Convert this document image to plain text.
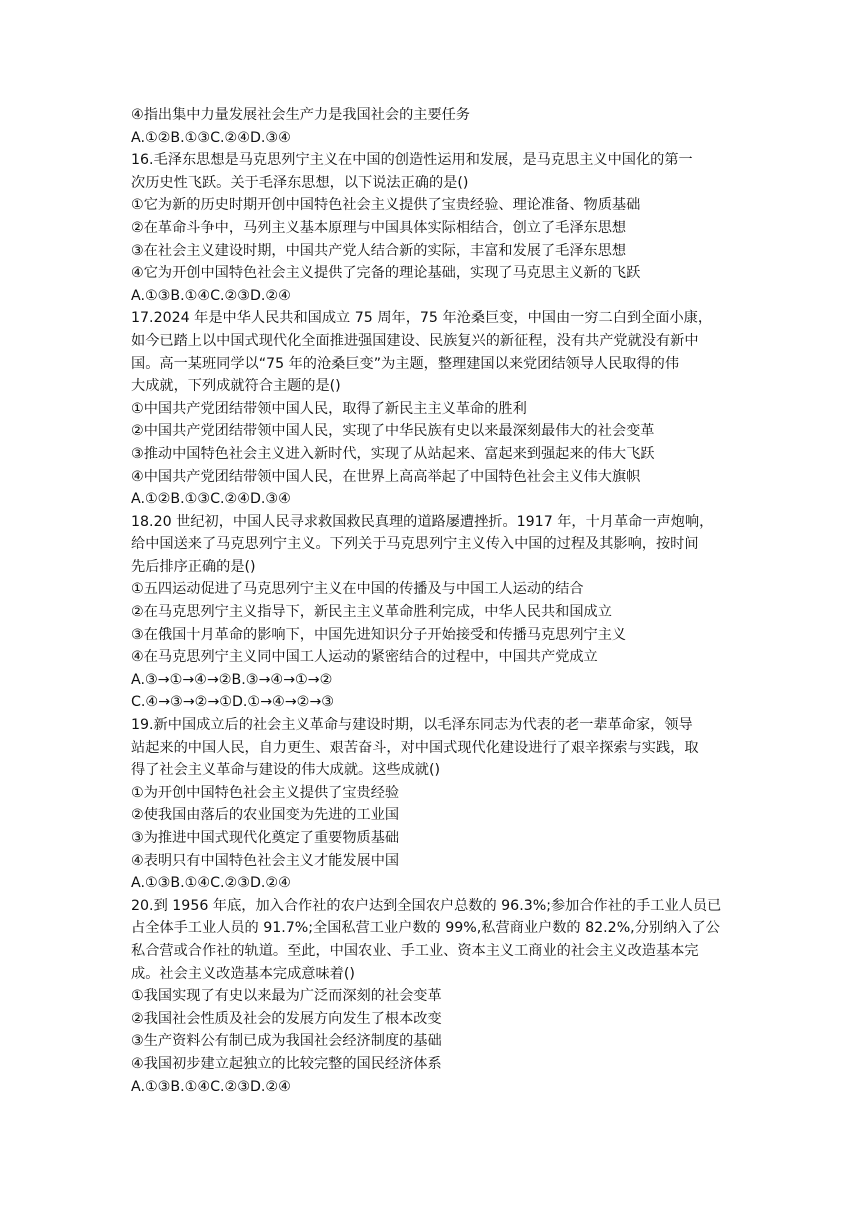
④指出集中力量发展社会生产力是我国社会的主要任务
A.①②B.①③C.②④D.③④
16.毛泽东思想是马克思列宁主义在中国的创造性运用和发展，是马克思主义中国化的第一
次历史性飞跃。关于毛泽东思想，以下说法正确的是()
①它为新的历史时期开创中国特色社会主义提供了宝贵经验、理论准备、物质基础
②在革命斗争中，马列主义基本原理与中国具体实际相结合，创立了毛泽东思想
③在社会主义建设时期，中国共产党人结合新的实际，丰富和发展了毛泽东思想
④它为开创中国特色社会主义提供了完备的理论基础，实现了马克思主义新的飞跃
A.①③B.①④C.②③D.②④
17.2024 年是中华人民共和国成立 75 周年，75 年沧桑巨变，中国由一穷二白到全面小康，
如今已踏上以中国式现代化全面推进强国建设、民族复兴的新征程，没有共产党就没有新中
国。高一某班同学以“75 年的沧桑巨变”为主题，整理建国以来党团结领导人民取得的伟
大成就，下列成就符合主题的是()
①中国共产党团结带领中国人民，取得了新民主主义革命的胜利
②中国共产党团结带领中国人民，实现了中华民族有史以来最深刻最伟大的社会变革
③推动中国特色社会主义进入新时代，实现了从站起来、富起来到强起来的伟大飞跃
④中国共产党团结带领中国人民，在世界上高高举起了中国特色社会主义伟大旗帜
A.①②B.①③C.②④D.③④
18.20 世纪初，中国人民寻求救国救民真理的道路屡遭挫折。1917 年，十月革命一声炮响，
给中国送来了马克思列宁主义。下列关于马克思列宁主义传入中国的过程及其影响，按时间
先后排序正确的是()
①五四运动促进了马克思列宁主义在中国的传播及与中国工人运动的结合
②在马克思列宁主义指导下，新民主主义革命胜利完成，中华人民共和国成立
③在俄国十月革命的影响下，中国先进知识分子开始接受和传播马克思列宁主义
④在马克思列宁主义同中国工人运动的紧密结合的过程中，中国共产党成立
A.③→①→④→②B.③→④→①→②
C.④→③→②→①D.①→④→②→③
19.新中国成立后的社会主义革命与建设时期，以毛泽东同志为代表的老一辈革命家，领导
站起来的中国人民，自力更生、艰苦奋斗，对中国式现代化建设进行了艰辛探索与实践，取
得了社会主义革命与建设的伟大成就。这些成就()
①为开创中国特色社会主义提供了宝贵经验
②使我国由落后的农业国变为先进的工业国
③为推进中国式现代化奠定了重要物质基础
④表明只有中国特色社会主义才能发展中国
A.①③B.①④C.②③D.②④
20.到 1956 年底，加入合作社的农户达到全国农户总数的 96.3%;参加合作社的手工业人员已
占全体手工业人员的 91.7%;全国私营工业户数的 99%,私营商业户数的 82.2%,分别纳入了公
私合营或合作社的轨道。至此，中国农业、手工业、资本主义工商业的社会主义改造基本完
成。社会主义改造基本完成意味着()
①我国实现了有史以来最为广泛而深刻的社会变革
②我国社会性质及社会的发展方向发生了根本改变
③生产资料公有制已成为我国社会经济制度的基础
④我国初步建立起独立的比较完整的国民经济体系
A.①③B.①④C.②③D.②④
